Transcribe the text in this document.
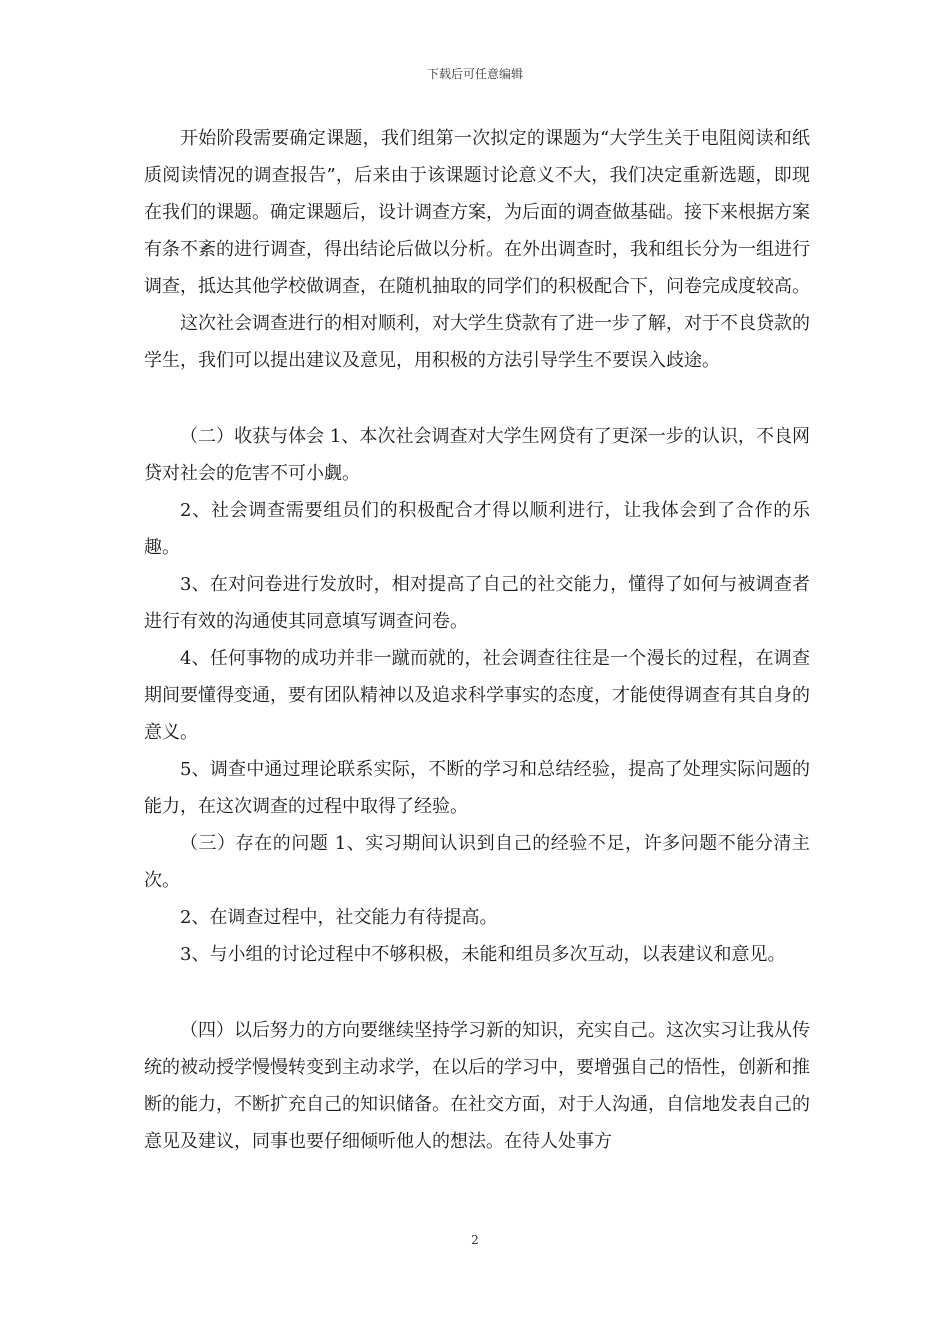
下载后可任意编辑

开始阶段需要确定课题，我们组第一次拟定的课题为“大学生关于电阻阅读和纸质阅读情况的调查报告”，后来由于该课题讨论意义不大，我们决定重新选题，即现在我们的课题。确定课题后，设计调查方案，为后面的调查做基础。接下来根据方案有条不紊的进行调查，得出结论后做以分析。在外出调查时，我和组长分为一组进行调查，抵达其他学校做调查，在随机抽取的同学们的积极配合下，问卷完成度较高。

这次社会调查进行的相对顺利，对大学生贷款有了进一步了解，对于不良贷款的学生，我们可以提出建议及意见，用积极的方法引导学生不要误入歧途。

（二）收获与体会 1、本次社会调查对大学生网贷有了更深一步的认识，不良网贷对社会的危害不可小觑。

2、社会调查需要组员们的积极配合才得以顺利进行，让我体会到了合作的乐趣。

3、在对问卷进行发放时，相对提高了自己的社交能力，懂得了如何与被调查者进行有效的沟通使其同意填写调查问卷。

4、任何事物的成功并非一蹴而就的，社会调查往往是一个漫长的过程，在调查期间要懂得变通，要有团队精神以及追求科学事实的态度，才能使得调查有其自身的意义。

5、调查中通过理论联系实际，不断的学习和总结经验，提高了处理实际问题的能力，在这次调查的过程中取得了经验。

（三）存在的问题 1、实习期间认识到自己的经验不足，许多问题不能分清主次。

2、在调查过程中，社交能力有待提高。

3、与小组的讨论过程中不够积极，未能和组员多次互动，以表建议和意见。

（四）以后努力的方向要继续坚持学习新的知识，充实自己。这次实习让我从传统的被动授学慢慢转变到主动求学，在以后的学习中，要增强自己的悟性，创新和推断的能力，不断扩充自己的知识储备。在社交方面，对于人沟通，自信地发表自己的意见及建议，同事也要仔细倾听他人的想法。在待人处事方

2
